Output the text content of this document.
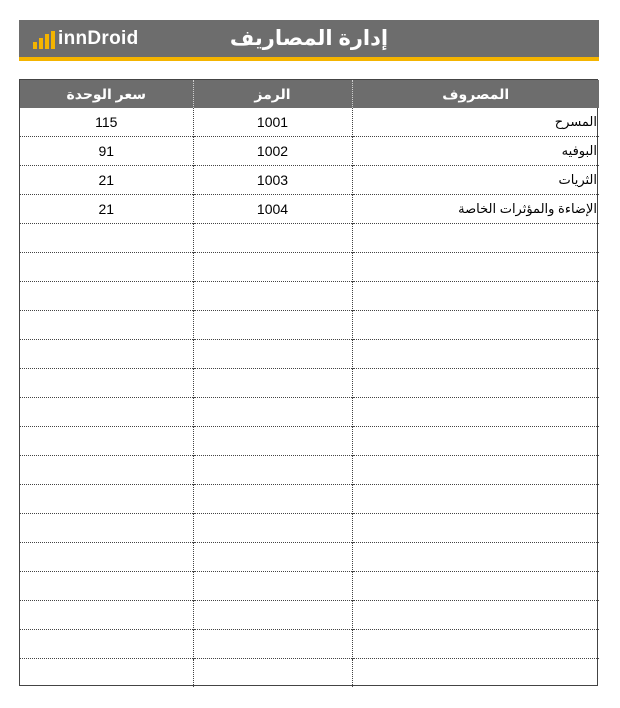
innDroid	إدارة المصاريف
المصروف	الرمز	سعر الوحدة
المسرح	1001	115
البوفيه	1002	91
الثريات	1003	21
الإضاءة والمؤثرات الخاصة	1004	21
